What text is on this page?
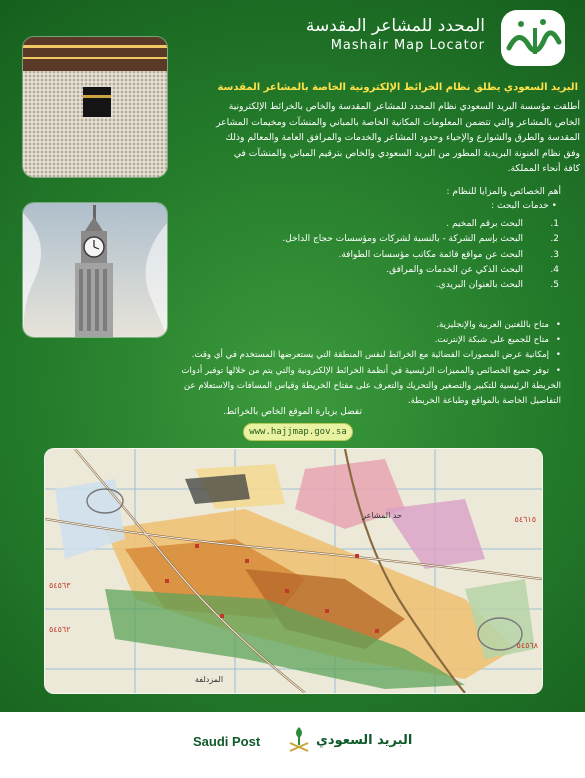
المحدد للمشاعر المقدسة
Mashair Map Locator
البريد السعودي يطلق نظام الخرائط الإلكترونية الخاصة بالمشاعر المقدسة
أطلقت مؤسسة البريد السعودي نظام المحدد للمشاعر المقدسة والخاص بالخرائط الإلكترونية
الخاص بالمشاعر والتي تتضمن المعلومات المكانية الخاصة بالمباني والمنشآت ومخيمات المشاعر
المقدسة والطرق والشوارع والإحياء وحدود المشاعر والخدمات والمرافق العامة والمعالم وذلك
وفق نظام العنونة البريدية المطور من البريد السعودي والخاص بترقيم المباني والمنشآت في
كافة أنحاء المملكة.
أهم الخصائص والمزايا للنظام :
• خدمات البحث :
1.البحث برقم المخيم .
2.البحث بإسم الشركة - بالنسبة لشركات ومؤسسات حجاج الداخل.
3.البحث عن مواقع قائمة مكاتب مؤسسات الطوافة.
4.البحث الذكي عن الخدمات والمرافق.
5.البحث بالعنوان البريدي.
•متاح باللغتين العربية والإنجليزية.
•متاح للجميع على شبكة الإنترنت.
•إمكانية عرض المصورات الفضائية مع الخرائط لنفس المنطقة التي يستعرضها المستخدم في أي وقت.
•توفر جميع الخصائص والمميزات الرئيسية في أنظمة الخرائط الإلكترونية والتي يتم من خلالها توفير أدوات الخريطة الرئيسية للتكبير والتصغير والتحريك والتعرف على مفتاح الخريطة وقياس المسافات والاستعلام عن التفاصيل الخاصة بالمواقع وطباعة الخريطة.
تفضل بزيارة الموقع الخاص بالخرائط.
www.hajjmap.gov.sa
حد المشاعر
المزدلفة
٥٤٥٦٣
٥٤٦١٥
٥٤٥٦٢
٥٤٥٦٨
Saudi Post	البريد السعودي
